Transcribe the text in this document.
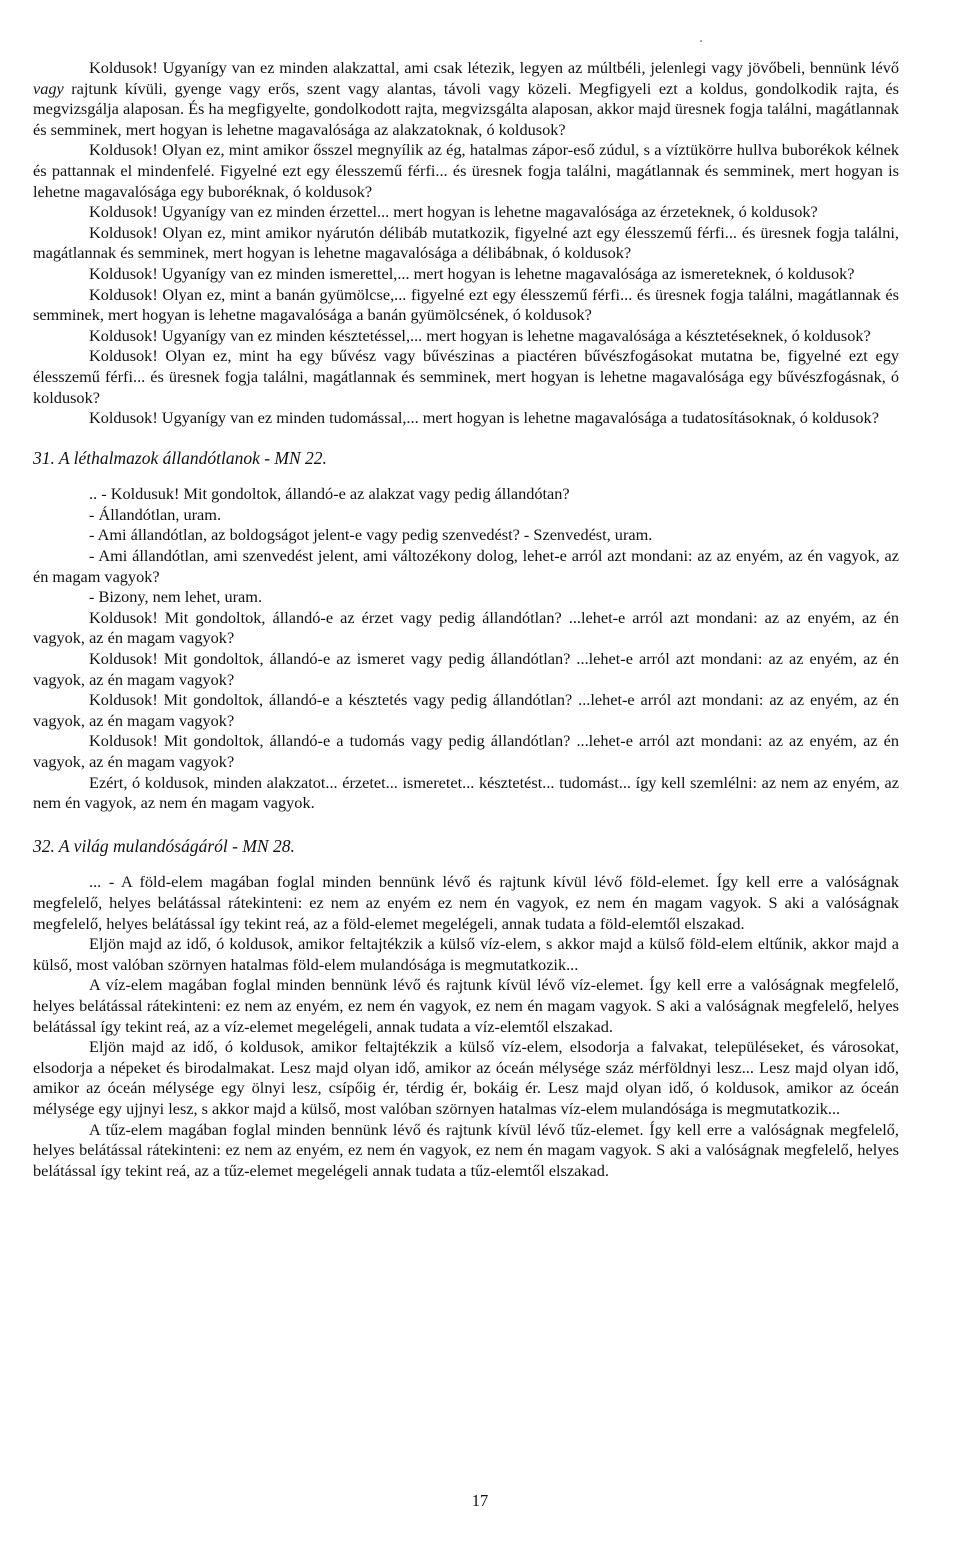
Koldusok! Ugyanígy van ez minden alakzattal, ami csak létezik, legyen az múltbéli, jelenlegi vagy jövőbeli, bennünk lévő vagy rajtunk kívüli, gyenge vagy erős, szent vagy alantas, távoli vagy közeli. Megfigyeli ezt a koldus, gondolkodik rajta, és megvizsgálja alaposan. És ha megfigyelte, gondolkodott rajta, megvizsgálta alaposan, akkor majd üresnek fogja találni, magátlannak és semminek, mert hogyan is lehetne magavalósága az alakzatoknak, ó koldusok?

Koldusok! Olyan ez, mint amikor ősszel megnyílik az ég, hatalmas zápor-eső zúdul, s a víztükörre hullva buborékok kélnek és pattannak el mindenfelé. Figyelné ezt egy élesszemű férfi... és üresnek fogja találni, magátlannak és semminek, mert hogyan is lehetne magavalósága egy buboréknak, ó koldusok?

Koldusok! Ugyanígy van ez minden érzettel... mert hogyan is lehetne magavalósága az érzeteknek, ó koldusok?

Koldusok! Olyan ez, mint amikor nyárutón délibáb mutatkozik, figyelné azt egy élesszemű férfi... és üresnek fogja találni, magátlannak és semminek, mert hogyan is lehetne magavalósága a délibábnak, ó koldusok?

Koldusok! Ugyanígy van ez minden ismerettel,... mert hogyan is lehetne magavalósága az ismereteknek, ó koldusok?

Koldusok! Olyan ez, mint a banán gyümölcse,... figyelné ezt egy élesszemű férfi... és üresnek fogja találni, magátlannak és semminek, mert hogyan is lehetne magavalósága a banán gyümölcsének, ó koldusok?

Koldusok! Ugyanígy van ez minden késztetéssel,... mert hogyan is lehetne magavalósága a késztetéseknek, ó koldusok?

Koldusok! Olyan ez, mint ha egy bűvész vagy bűvészinas a piactéren bűvészfogásokat mutatna be, figyelné ezt egy élesszemű férfi... és üresnek fogja találni, magátlannak és semminek, mert hogyan is lehetne magavalósága egy bűvészfogásnak, ó koldusok?

Koldusok! Ugyanígy van ez minden tudomással,... mert hogyan is lehetne magavalósága a tudatosításoknak, ó koldusok?

31. A léthalmazok állandótlanok - MN 22.

.. - Koldusuk! Mit gondoltok, állandó-e az alakzat vagy pedig állandótan?

- Állandótlan, uram.

- Ami állandótlan, az boldogságot jelent-e vagy pedig szenvedést? - Szenvedést, uram.

- Ami állandótlan, ami szenvedést jelent, ami változékony dolog, lehet-e arról azt mondani: az az enyém, az én vagyok, az én magam vagyok?

- Bizony, nem lehet, uram.

Koldusok! Mit gondoltok, állandó-e az érzet vagy pedig állandótlan? ...lehet-e arról azt mondani: az az enyém, az én vagyok, az én magam vagyok?

Koldusok! Mit gondoltok, állandó-e az ismeret vagy pedig állandótlan? ...lehet-e arról azt mondani: az az enyém, az én vagyok, az én magam vagyok?

Koldusok! Mit gondoltok, állandó-e a késztetés vagy pedig állandótlan? ...lehet-e arról azt mondani: az az enyém, az én vagyok, az én magam vagyok?

Koldusok! Mit gondoltok, állandó-e a tudomás vagy pedig állandótlan? ...lehet-e arról azt mondani: az az enyém, az én vagyok, az én magam vagyok?

Ezért, ó koldusok, minden alakzatot... érzetet... ismeretet... késztetést... tudomást... így kell szemlélni: az nem az enyém, az nem én vagyok, az nem én magam vagyok.

32. A világ mulandóságáról - MN 28.

... - A föld-elem magában foglal minden bennünk lévő és rajtunk kívül lévő föld-elemet. Így kell erre a valóságnak megfelelő, helyes belátással rátekinteni: ez nem az enyém ez nem én vagyok, ez nem én magam vagyok. S aki a valóságnak megfelelő, helyes belátással így tekint reá, az a föld-elemet megelégeli, annak tudata a föld-elemtől elszakad.

Eljön majd az idő, ó koldusok, amikor feltajtékzik a külső víz-elem, s akkor majd a külső föld-elem eltűnik, akkor majd a külső, most valóban szörnyen hatalmas föld-elem mulandósága is megmutatkozik...

A víz-elem magában foglal minden bennünk lévő és rajtunk kívül lévő víz-elemet. Így kell erre a valóságnak megfelelő, helyes belátással rátekinteni: ez nem az enyém, ez nem én vagyok, ez nem én magam vagyok. S aki a valóságnak megfelelő, helyes belátással így tekint reá, az a víz-elemet megelégeli, annak tudata a víz-elemtől elszakad.

Eljön majd az idő, ó koldusok, amikor feltajtékzik a külső víz-elem, elsodorja a falvakat, településeket, és városokat, elsodorja a népeket és birodalmakat. Lesz majd olyan idő, amikor az óceán mélysége száz mérföldnyi lesz... Lesz majd olyan idő, amikor az óceán mélysége egy ölnyi lesz, csípőig ér, térdig ér, bokáig ér. Lesz majd olyan idő, ó koldusok, amikor az óceán mélysége egy ujjnyi lesz, s akkor majd a külső, most valóban szörnyen hatalmas víz-elem mulandósága is megmutatkozik...

A tűz-elem magában foglal minden bennünk lévő és rajtunk kívül lévő tűz-elemet. Így kell erre a valóságnak megfelelő, helyes belátással rátekinteni: ez nem az enyém, ez nem én vagyok, ez nem én magam vagyok. S aki a valóságnak megfelelő, helyes belátással így tekint reá, az a tűz-elemet megelégeli annak tudata a tűz-elemtől elszakad.

17
